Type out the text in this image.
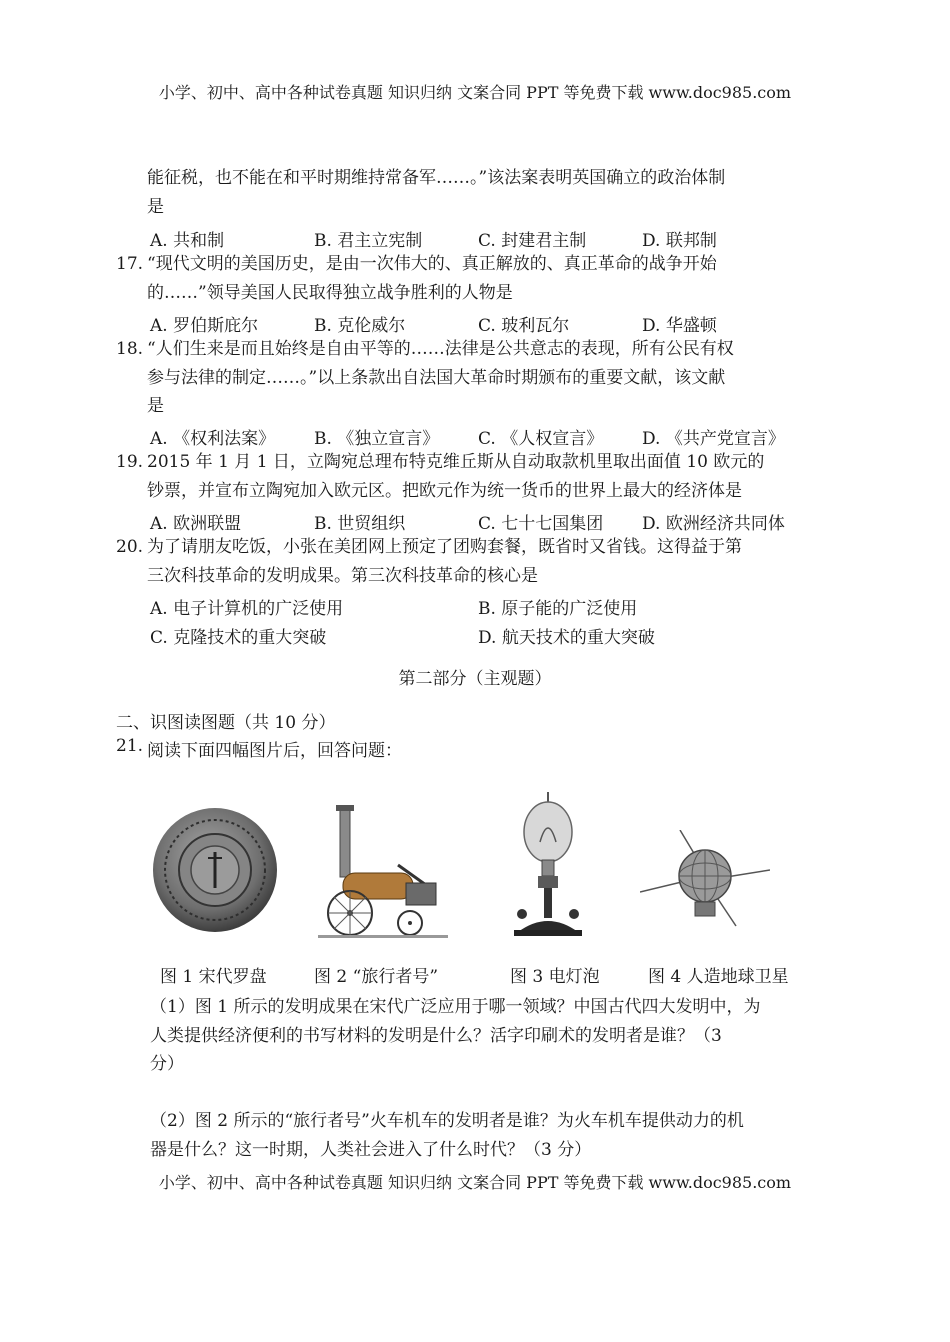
小学、初中、高中各种试卷真题 知识归纳 文案合同 PPT 等免费下载 www.doc985.com
能征税，也不能在和平时期维持常备军……。”该法案表明英国确立的政治体制
是
A. 共和制	B. 君主立宪制	C. 封建君主制	D. 联邦制
17. “现代文明的美国历史，是由一次伟大的、真正解放的、真正革命的战争开始
的……”领导美国人民取得独立战争胜利的人物是
A. 罗伯斯庇尔	B. 克伦威尔	C. 玻利瓦尔	D. 华盛顿
18. “人们生来是而且始终是自由平等的……法律是公共意志的表现，所有公民有权
参与法律的制定……。”以上条款出自法国大革命时期颁布的重要文献，该文献
是
A. 《权利法案》 B. 《独立宣言》 C. 《人权宣言》 D. 《共产党宣言》
19. 2015 年 1 月 1 日，立陶宛总理布特克维丘斯从自动取款机里取出面值 10 欧元的
钞票，并宣布立陶宛加入欧元区。把欧元作为统一货币的世界上最大的经济体是
A. 欧洲联盟	B. 世贸组织	C. 七十七国集团 D. 欧洲经济共同体
20. 为了请朋友吃饭，小张在美团网上预定了团购套餐，既省时又省钱。这得益于第
三次科技革命的发明成果。第三次科技革命的核心是
A. 电子计算机的广泛使用	B. 原子能的广泛使用
C. 克隆技术的重大突破	D. 航天技术的重大突破
第二部分（主观题）
二、识图读图题（共 10 分）
21. 阅读下面四幅图片后，回答问题：
图 1 宋代罗盘	图 2 “旅行者号”	图 3 电灯泡	图 4 人造地球卫星
（1）图 1 所示的发明成果在宋代广泛应用于哪一领域？中国古代四大发明中，为
人类提供经济便利的书写材料的发明是什么？活字印刷术的发明者是谁？（3
分）
（2）图 2 所示的“旅行者号”火车机车的发明者是谁？为火车机车提供动力的机
器是什么？这一时期，人类社会进入了什么时代？（3 分）
小学、初中、高中各种试卷真题 知识归纳 文案合同 PPT 等免费下载 www.doc985.com
